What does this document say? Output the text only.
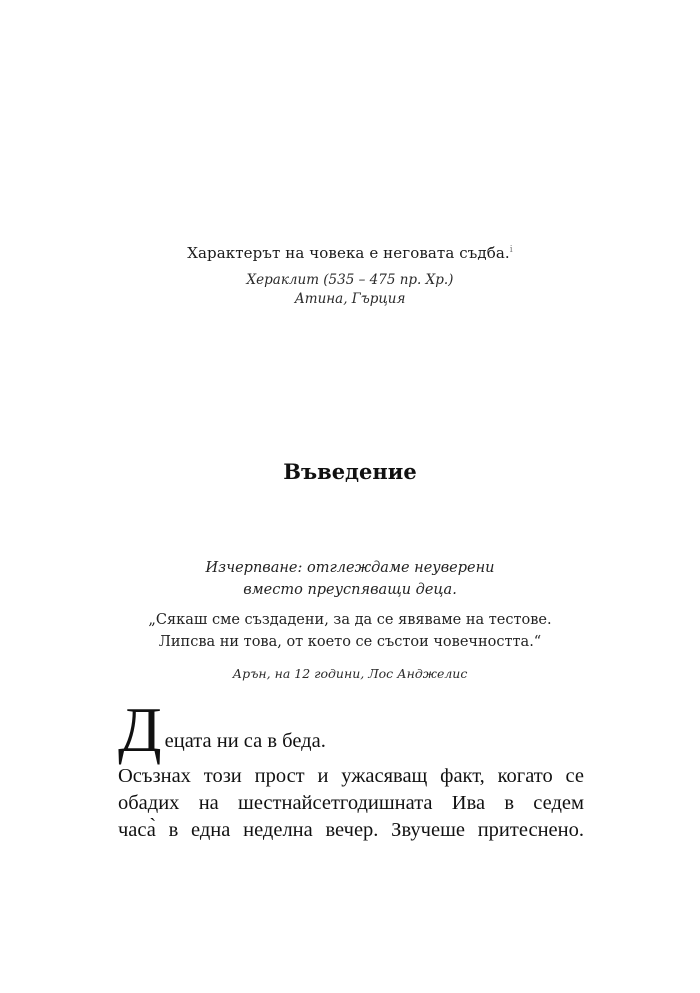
Характерът на човека е неговата съдба.$^i$
Хераклит (535 – 475 пр. Хр.)
Атина, Гърция
Въведение
Изчерпване: отглеждаме неуверени
вместо преуспяващи деца.
„Сякаш сме създадени, за да се явяваме на тестове.
Липсва ни това, от което се състои човечността.“
Арън, на 12 години, Лос Анджелис
Д ецата ни са в беда.

Осъзнах този прост и ужасяващ факт, когато се
обадих на шестнайсетгодишната Ива в седем
часа̀ в една неделна вечер. Звучеше притеснено.
